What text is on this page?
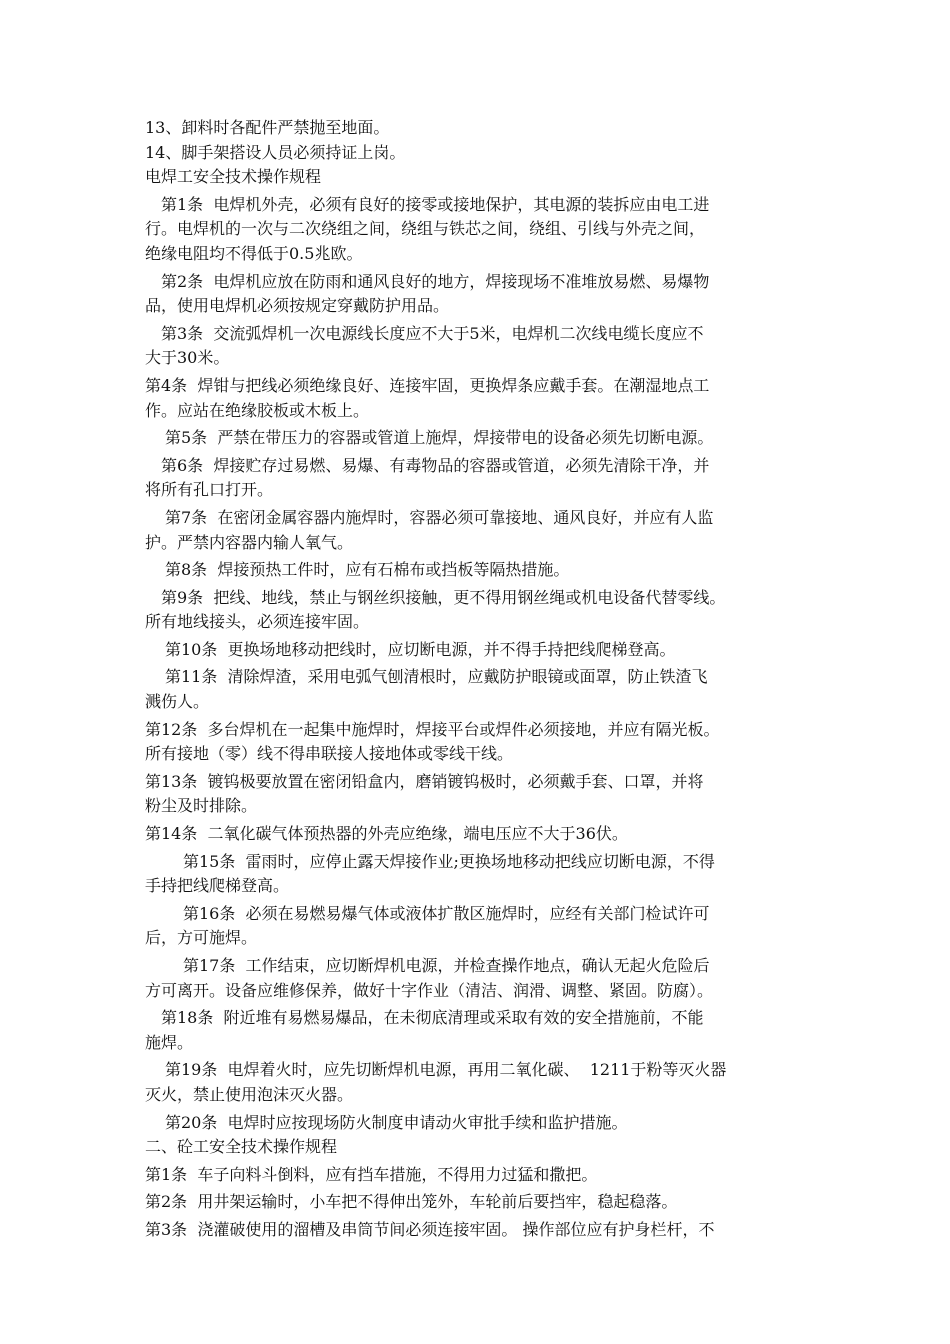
13、卸料时各配件严禁抛至地面。
14、脚手架搭设人员必须持证上岗。
电焊工安全技术操作规程
第1条  电焊机外壳，必须有良好的接零或接地保护，其电源的装拆应由电工进
行。电焊机的一次与二次绕组之间，绕组与铁芯之间，绕组、引线与外壳之间，
绝缘电阻均不得低于0.5兆欧。
第2条  电焊机应放在防雨和通风良好的地方，焊接现场不准堆放易燃、易爆物
品，使用电焊机必须按规定穿戴防护用品。
第3条  交流弧焊机一次电源线长度应不大于5米，电焊机二次线电缆长度应不
大于30米。
第4条  焊钳与把线必须绝缘良好、连接牢固，更换焊条应戴手套。在潮湿地点工
作。应站在绝缘胶板或木板上。
第5条  严禁在带压力的容器或管道上施焊，焊接带电的设备必须先切断电源。
第6条  焊接贮存过易燃、易爆、有毒物品的容器或管道，必须先清除干净，并
将所有孔口打开。
第7条  在密闭金属容器内施焊时，容器必须可靠接地、通风良好，并应有人监
护。严禁内容器内输人氧气。
第8条  焊接预热工件时，应有石棉布或挡板等隔热措施。
第9条  把线、地线，禁止与钢丝织接触，更不得用钢丝绳或机电设备代替零线。
所有地线接头，必须连接牢固。
第10条  更换场地移动把线时，应切断电源，并不得手持把线爬梯登高。
第11条  清除焊渣，采用电弧气刨清根时，应戴防护眼镜或面罩，防止铁渣飞
溅伤人。
第12条  多台焊机在一起集中施焊时，焊接平台或焊件必须接地，并应有隔光板。
所有接地（零）线不得串联接人接地体或零线干线。
第13条  镀钨极要放置在密闭铅盒内，磨销镀钨极时，必须戴手套、口罩，并将
粉尘及时排除。
第14条  二氧化碳气体预热器的外壳应绝缘，端电压应不大于36伏。
第15条  雷雨时，应停止露天焊接作业;更换场地移动把线应切断电源，不得
手持把线爬梯登高。
第16条  必须在易燃易爆气体或液体扩散区施焊时，应经有关部门检试许可
后，方可施焊。
第17条  工作结束，应切断焊机电源，并检查操作地点，确认无起火危险后
方可离开。设备应维修保养，做好十字作业（清洁、润滑、调整、紧固。防腐）。
第18条  附近堆有易燃易爆品，在未彻底清理或采取有效的安全措施前，不能
施焊。
第19条  电焊着火时，应先切断焊机电源，再用二氧化碳、  1211于粉等灭火器
灭火，禁止使用泡沫灭火器。
第20条  电焊时应按现场防火制度申请动火审批手续和监护措施。
二、砼工安全技术操作规程
第1条  车子向料斗倒料，应有挡车措施，不得用力过猛和撒把。
第2条  用井架运输时，小车把不得伸出笼外，车轮前后要挡牢，稳起稳落。
第3条  浇灌破使用的溜槽及串筒节间必须连接牢固。 操作部位应有护身栏杆，不
